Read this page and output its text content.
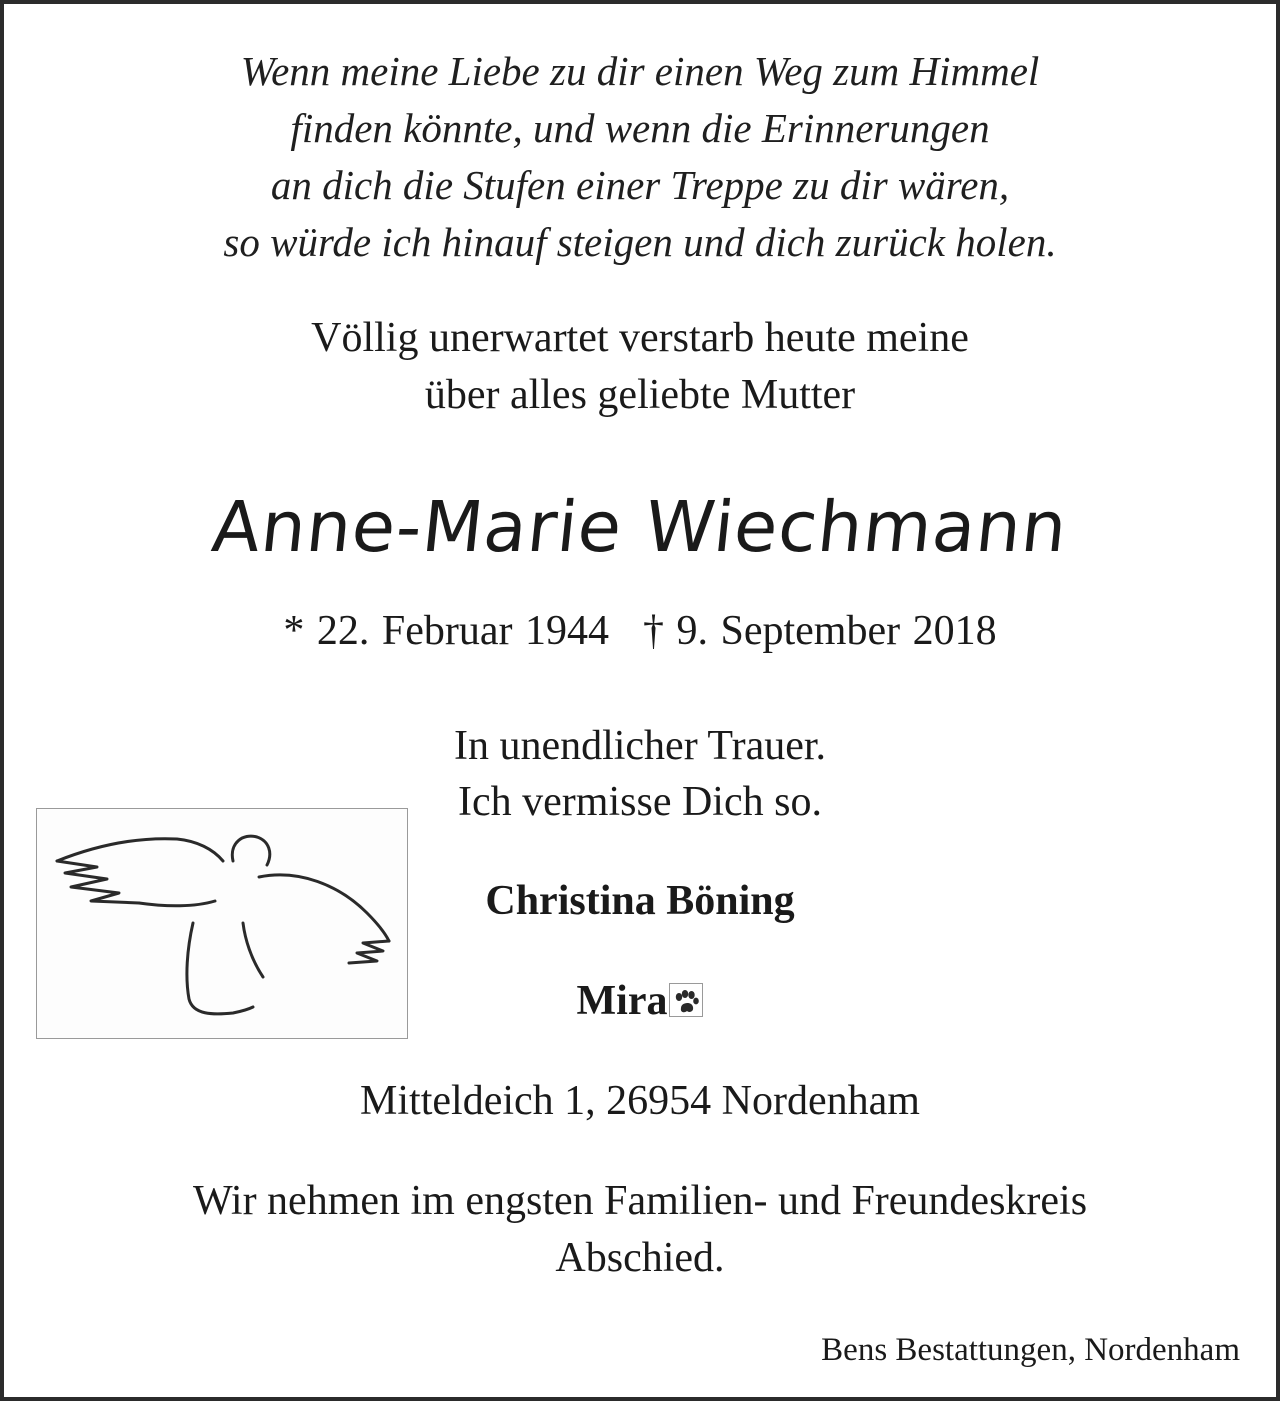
Wenn meine Liebe zu dir einen Weg zum Himmel
finden könnte, und wenn die Erinnerungen
an dich die Stufen einer Treppe zu dir wären,
so würde ich hinauf steigen und dich zurück holen.
Völlig unerwartet verstarb heute meine
über alles geliebte Mutter
Anne-Marie Wiechmann
* 22. Februar 1944 † 9. September 2018
In unendlicher Trauer.
Ich vermisse Dich so.
Christina Böning
Mira
Mitteldeich 1, 26954 Nordenham
Wir nehmen im engsten Familien- und Freundeskreis
Abschied.
Bens Bestattungen, Nordenham
